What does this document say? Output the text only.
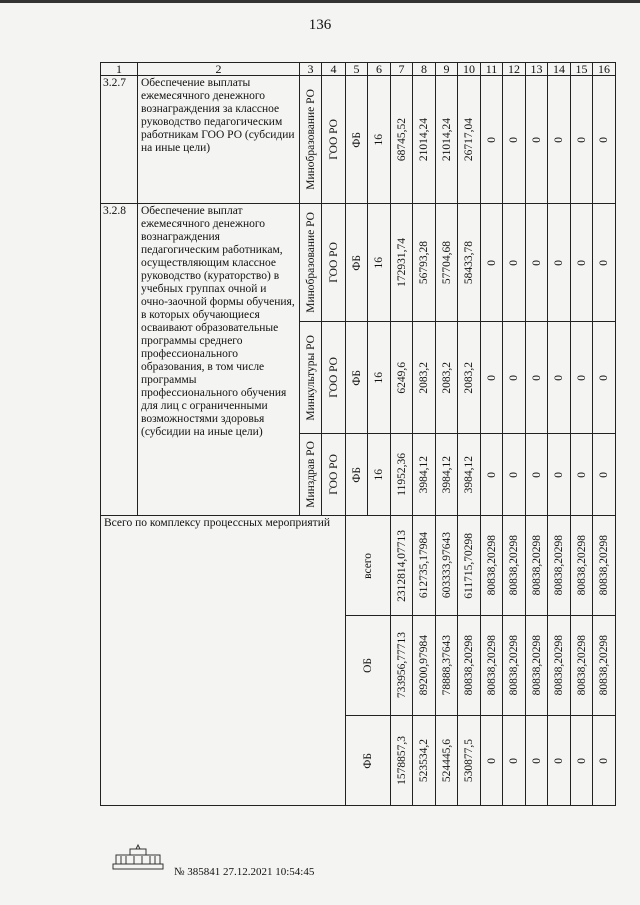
136
1	2	3	4	5	6	7	8	9	10	11	12	13	14	15	16
3.2.7	Обеспечение выплаты ежемесячного денежного вознаграждения за классное руководство педагогическим работникам ГОО РО (субсидии на иные цели)	Минобразование РО	ГОО РО	ФБ	16	68745,52	21014,24	21014,24	26717,04	0	0	0	0	0	0

3.2.8	Обеспечение выплат ежемесячного денежного вознаграждения педагогическим работникам, осуществляющим классное руководство (кураторство) в учебных группах очной и очно-заочной формы обучения, в которых обучающиеся осваивают образовательные программы среднего профессионального образования, в том числе программы профессионального обучения для лиц с ограниченными возможностями здоровья (субсидии на иные цели)	Минобразование РО	ГОО РО	ФБ	16	172931,74	56793,28	57704,68	58433,78	0	0	0	0	0	0

		Минкультуры РО	ГОО РО	ФБ	16	6249,6	2083,2	2083,2	2083,2	0	0	0	0	0	0

		Минздрав РО	ГОО РО	ФБ	16	11952,36	3984,12	3984,12	3984,12	0	0	0	0	0	0

Всего по комплексу процессных мероприятий				всего		2312814,07713	612735,17984	603333,97643	611715,70298	80838,20298	80838,20298	80838,20298	80838,20298	80838,20298	80838,20298

				ОБ		733956,77713	89200,97984	78888,37643	80838,20298	80838,20298	80838,20298	80838,20298	80838,20298	80838,20298	80838,20298

				ФБ		1578857,3	523534,2	524445,6	530877,5	0	0	0	0	0	0
№ 385841 27.12.2021 10:54:45
